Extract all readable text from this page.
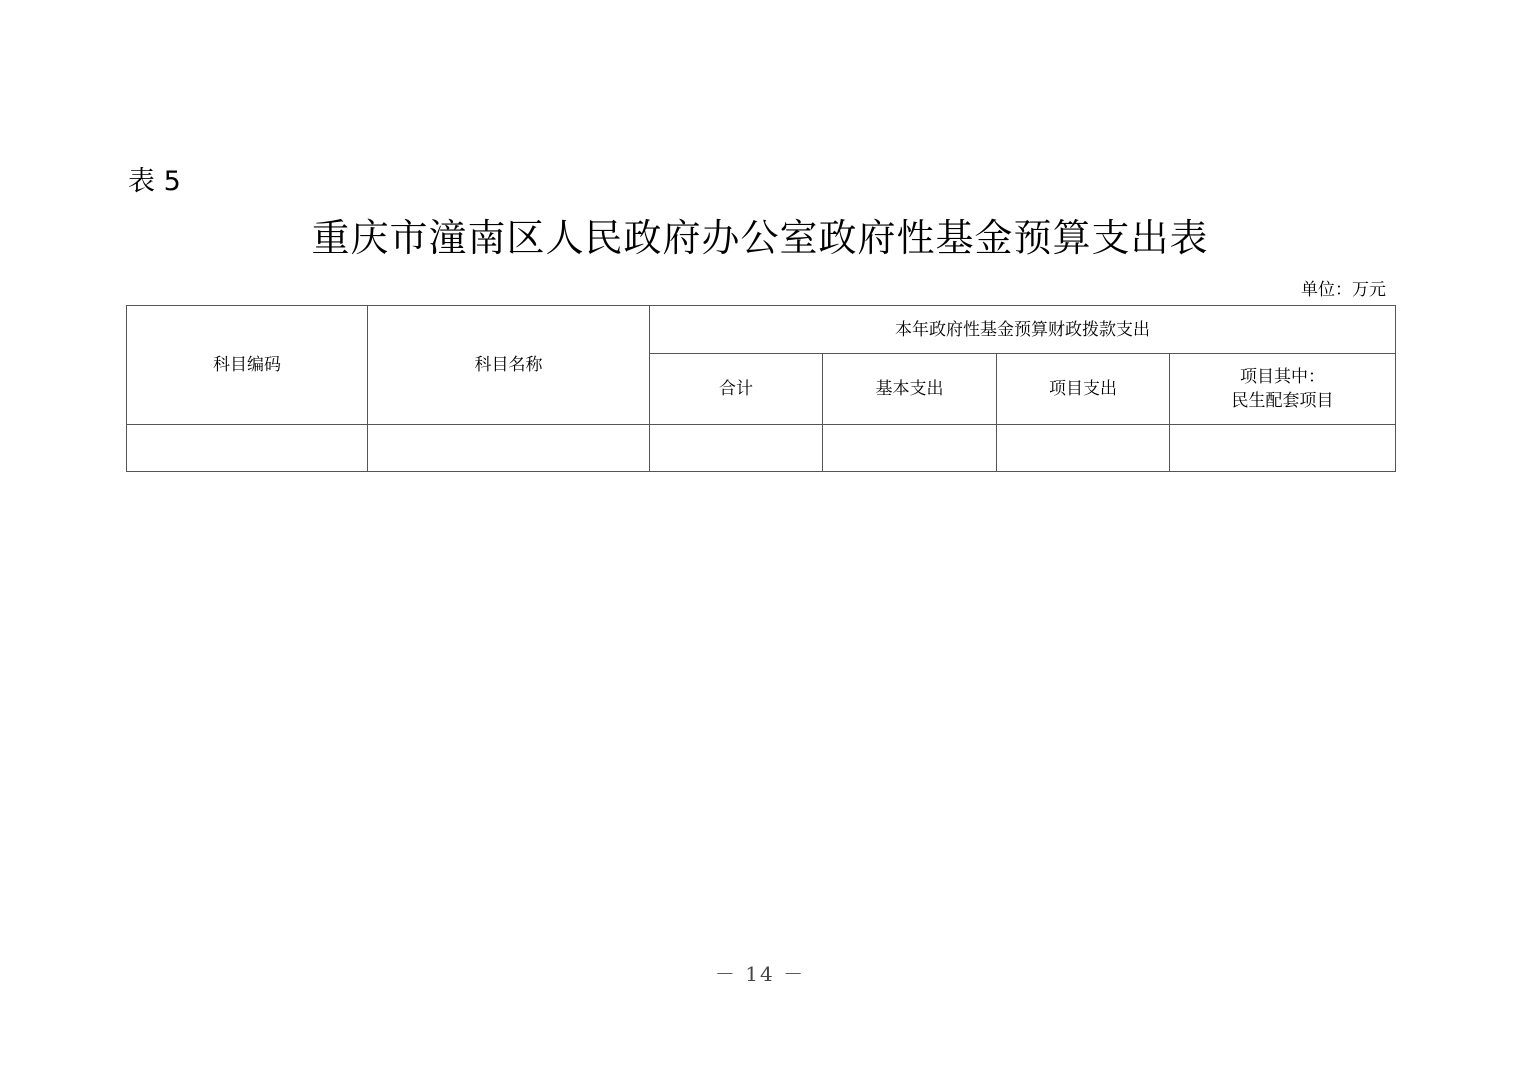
表 5
重庆市潼南区人民政府办公室政府性基金预算支出表
单位：万元
科目编码	科目名称	本年政府性基金预算财政拨款支出			
		合计	基本支出	项目支出	项目其中：
民生配套项目

－ 14 －
